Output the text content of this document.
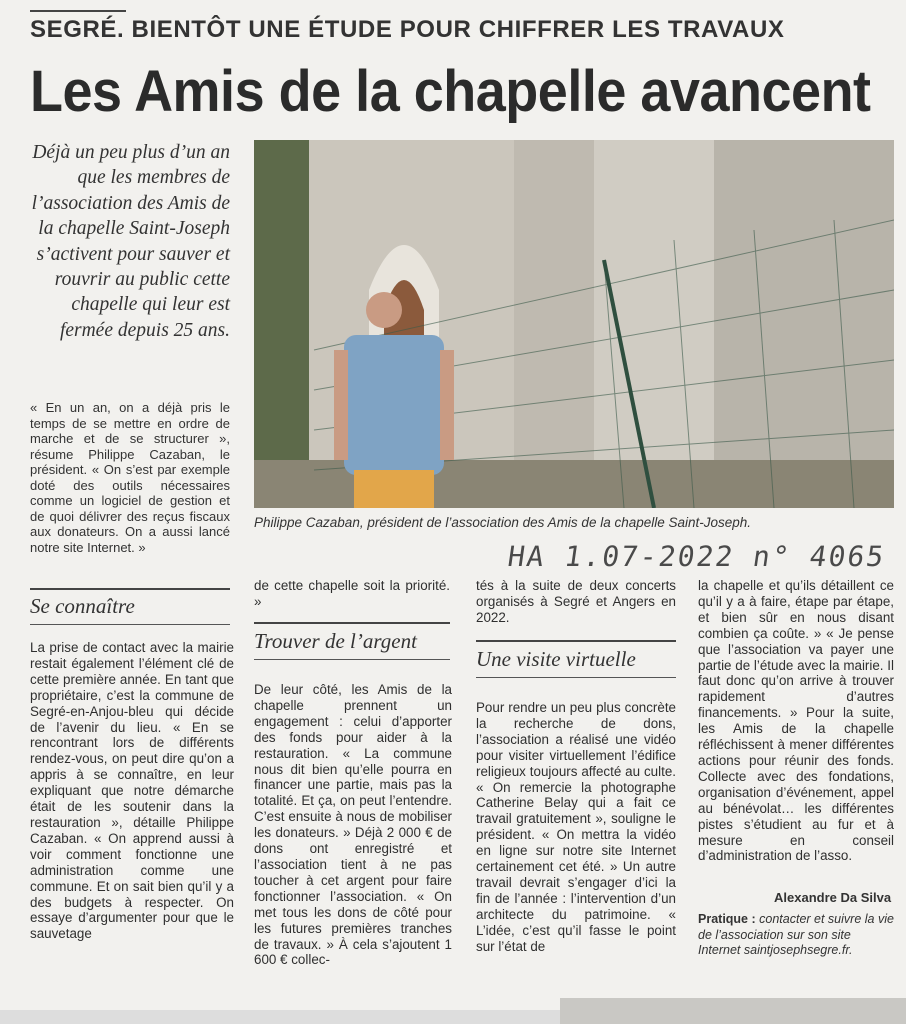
SEGRÉ. BIENTÔT UNE ÉTUDE POUR CHIFFRER LES TRAVAUX
Les Amis de la chapelle avancent
Déjà un peu plus d’un an que les membres de l’association des Amis de la chapelle Saint-Joseph s’activent pour sauver et rouvrir au public cette chapelle qui leur est fermée depuis 25 ans.
Philippe Cazaban, président de l’association des Amis de la chapelle Saint-Joseph.
HA 1.07-2022 n° 4065
« En un an, on a déjà pris le temps de se mettre en ordre de marche et de se structurer », résume Philippe Cazaban, le président. « On s’est par exemple doté des outils nécessaires comme un logiciel de gestion et de quoi délivrer des reçus fiscaux aux donateurs. On a aussi lancé notre site Internet. »
Se connaître
La prise de contact avec la mairie restait également l’élément clé de cette première année. En tant que propriétaire, c’est la commune de Segré-en-Anjou-bleu qui décide de l’avenir du lieu. « En se rencontrant lors de différents rendez-vous, on peut dire qu’on a appris à se connaître, en leur expliquant que notre démarche était de les soutenir dans la restauration », détaille Philippe Cazaban. « On apprend aussi à voir comment fonctionne une administration comme une commune. Et on sait bien qu’il y a des budgets à respecter. On essaye d’argumenter pour que le sauvetage
de cette chapelle soit la priorité. »
Trouver de l’argent
De leur côté, les Amis de la chapelle prennent un engagement : celui d’apporter des fonds pour aider à la restauration. « La commune nous dit bien qu’elle pourra en financer une partie, mais pas la totalité. Et ça, on peut l’entendre. C’est ensuite à nous de mobiliser les donateurs. » Déjà 2 000 € de dons ont enregistré et l’association tient à ne pas toucher à cet argent pour faire fonctionner l’association. « On met tous les dons de côté pour les futures premières tranches de travaux. » À cela s’ajoutent 1 600 € collec-
tés à la suite de deux concerts organisés à Segré et Angers en 2022.
Une visite virtuelle
Pour rendre un peu plus concrète la recherche de dons, l’association a réalisé une vidéo pour visiter virtuellement l’édifice religieux toujours affecté au culte. « On remercie la photographe Catherine Belay qui a fait ce travail gratuitement », souligne le président. « On mettra la vidéo en ligne sur notre site Internet certainement cet été. » Un autre travail devrait s’engager d’ici la fin de l’année : l’intervention d’un architecte du patrimoine. « L’idée, c’est qu’il fasse le point sur l’état de
la chapelle et qu’ils détaillent ce qu’il y a à faire, étape par étape, et bien sûr en nous disant combien ça coûte. » « Je pense que l’association va payer une partie de l’étude avec la mairie. Il faut donc qu’on arrive à trouver rapidement d’autres financements. » Pour la suite, les Amis de la chapelle réfléchissent à mener différentes actions pour réunir des fonds. Collecte avec des fondations, organisation d’événement, appel au bénévolat… les différentes pistes s’étudient au fur et à mesure en conseil d’administration de l’asso.
Alexandre Da Silva
Pratique : contacter et suivre la vie de l’association sur son site Internet saintjosephsegre.fr.
